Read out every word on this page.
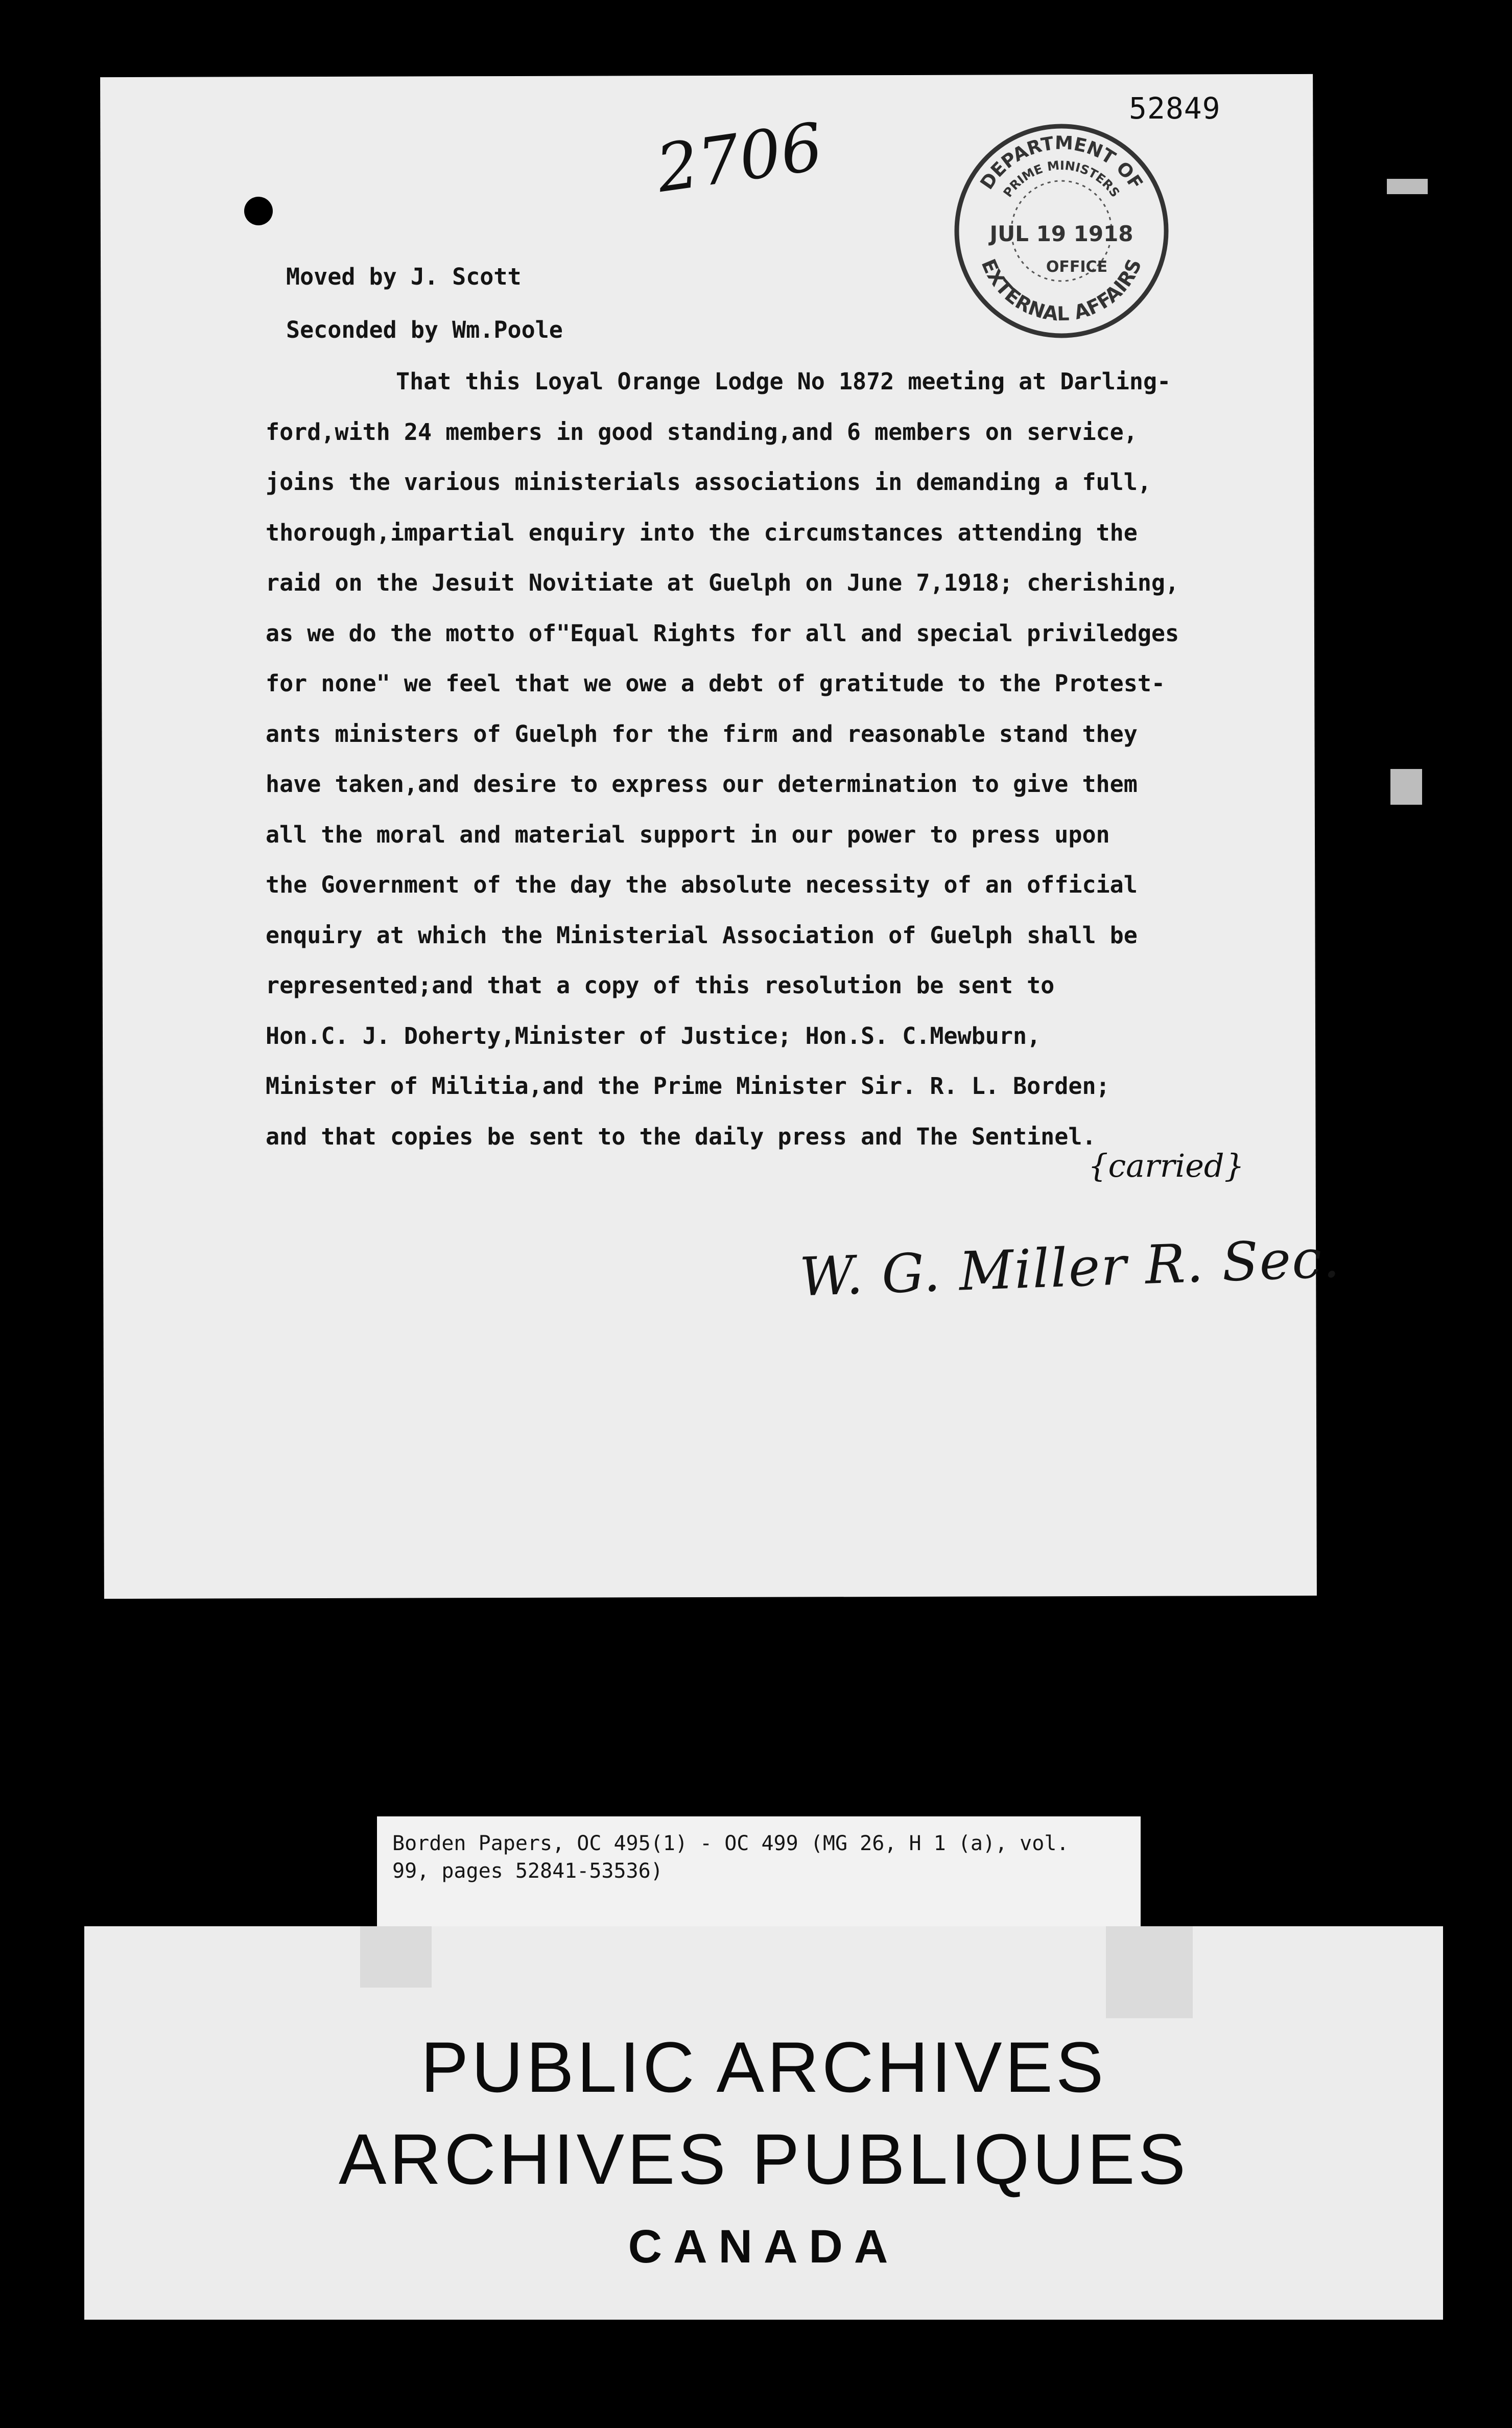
52849
2706	DEPARTMENT OF
PRIME MINISTERS
JUL 19 1918
OFFICE
EXTERNAL AFFAIRS

Moved by J. Scott

Seconded by Wm.Poole

That this Loyal Orange Lodge No 1872 meeting at Darling-

ford,with 24 members in good standing,and 6 members on service,

joins the various ministerials associations in demanding a full,

thorough,impartial enquiry into the circumstances attending the

raid on the Jesuit Novitiate at Guelph on June 7,1918; cherishing,

as we do the motto of"Equal Rights for all and special priviledges

for none" we feel that we owe a debt of gratitude to the Protest-

ants ministers of Guelph for the firm and reasonable stand they

have taken,and desire to express our determination to give them

all the moral and material support in our power to press upon

the Government of the day the absolute necessity of an official

enquiry at which the Ministerial Association of Guelph shall be

represented;and that a copy of this resolution be sent to

Hon.C. J. Doherty,Minister of Justice; Hon.S. C.Mewburn,

Minister of Militia,and the Prime Minister Sir. R. L. Borden;

and that copies be sent to the daily press and The Sentinel.

{carried}
W. G. Miller R. Sec.

Borden Papers, OC 495(1) - OC 499 (MG 26, H 1 (a), vol.

99, pages 52841-53536)

PUBLIC ARCHIVES
ARCHIVES PUBLIQUES
CANADA
